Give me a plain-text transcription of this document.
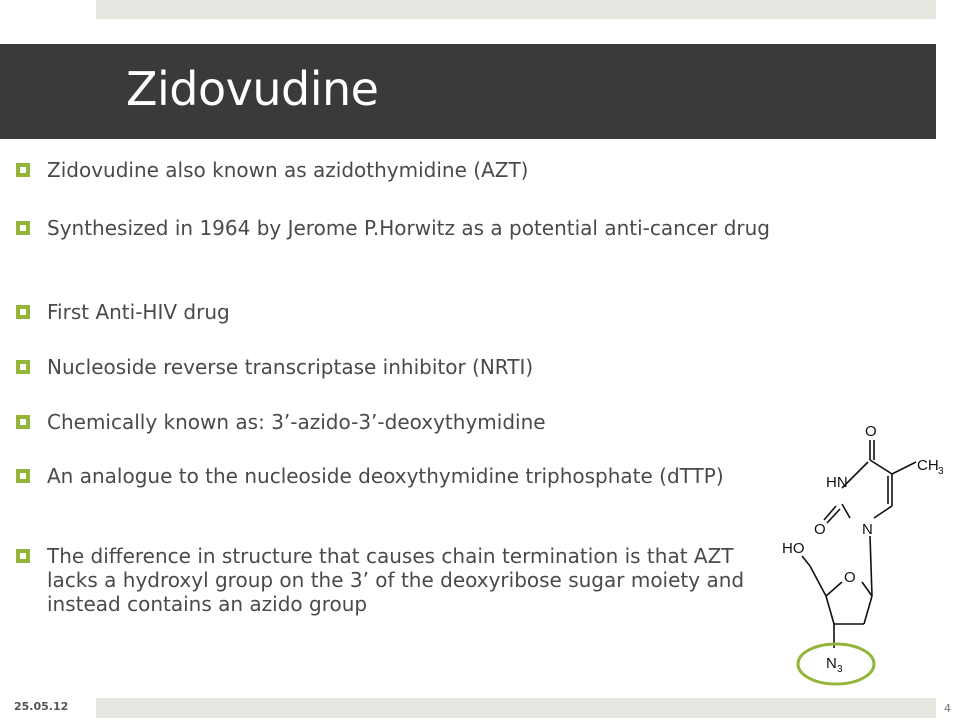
Zidovudine
Zidovudine also known as azidothymidine (AZT)
Synthesized in 1964 by Jerome P.Horwitz as a potential anti-cancer drug
First Anti-HIV drug
Nucleoside reverse transcriptase inhibitor (NRTI)
Chemically known as: 3’-azido-3’-deoxythymidine
An analogue to the nucleoside deoxythymidine triphosphate (dTTP)
The difference in structure that causes chain termination is that AZT lacks a hydroxyl group on the 3’ of the deoxyribose sugar moiety and instead contains an azido group
O
HN
CH 3
O N
HO
O
N 3
25.05.12	4
